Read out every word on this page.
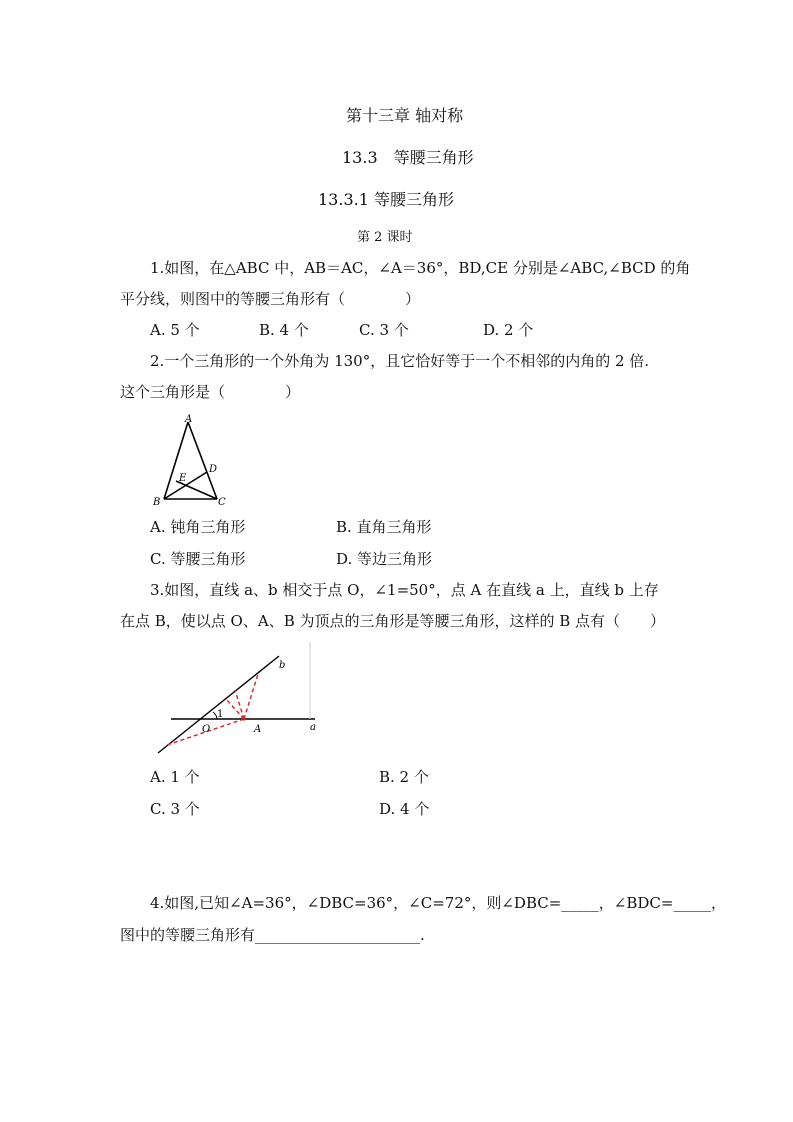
第十三章 轴对称
13.3　等腰三角形
13.3.1 等腰三角形
第 2 课时
1.如图，在△ABC 中，AB＝AC，∠A＝36°，BD,CE 分别是∠ABC,∠BCD 的角
平分线，则图中的等腰三角形有（　　　　）
A. 5 个	B. 4 个	C. 3 个	D. 2 个
2.一个三角形的一个外角为 130°，且它恰好等于一个不相邻的内角的 2 倍.
这个三角形是（　　　　）
A
D
E
B	C
A. 钝角三角形	B. 直角三角形
C. 等腰三角形	D. 等边三角形
3.如图，直线 a、b 相交于点 O，∠1=50°，点 A 在直线 a 上，直线 b 上存
在点 B，使以点 O、A、B 为顶点的三角形是等腰三角形，这样的 B 点有（　　）
b
1
O	A	a
A. 1 个	B. 2 个
C. 3 个	D. 4 个
4.如图,已知∠A=36°，∠DBC=36°，∠C=72°，则∠DBC=_____，∠BDC=_____，
图中的等腰三角形有______________________.
